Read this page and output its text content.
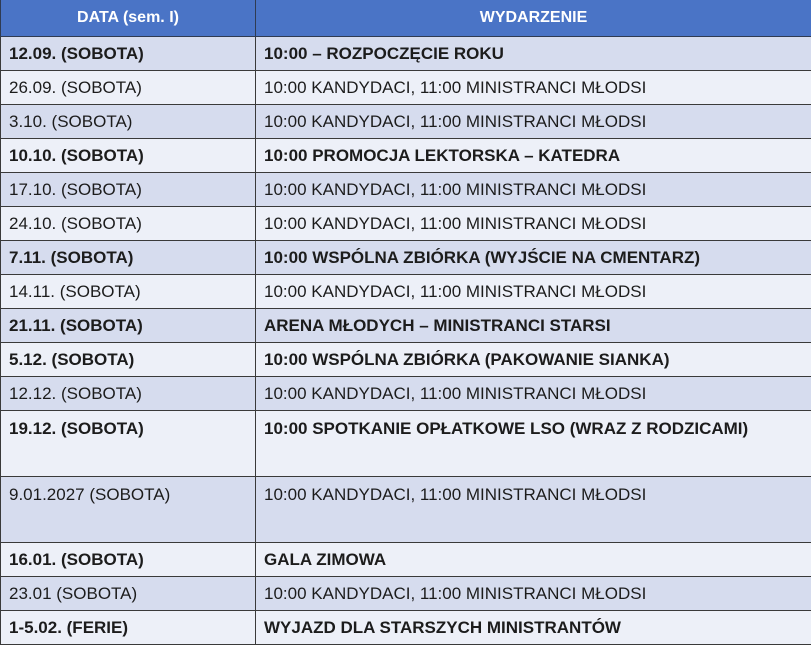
DATA (sem. I)	WYDARZENIE
12.09. (SOBOTA)	10:00 – ROZPOCZĘCIE ROKU
26.09. (SOBOTA)	10:00 KANDYDACI, 11:00 MINISTRANCI MŁODSI
3.10. (SOBOTA)	10:00 KANDYDACI, 11:00 MINISTRANCI MŁODSI
10.10. (SOBOTA)	10:00 PROMOCJA LEKTORSKA – KATEDRA
17.10. (SOBOTA)	10:00 KANDYDACI, 11:00 MINISTRANCI MŁODSI
24.10. (SOBOTA)	10:00 KANDYDACI, 11:00 MINISTRANCI MŁODSI
7.11. (SOBOTA)	10:00 WSPÓLNA ZBIÓRKA (WYJŚCIE NA CMENTARZ)
14.11. (SOBOTA)	10:00 KANDYDACI, 11:00 MINISTRANCI MŁODSI
21.11. (SOBOTA)	ARENA MŁODYCH – MINISTRANCI STARSI
5.12. (SOBOTA)	10:00 WSPÓLNA ZBIÓRKA (PAKOWANIE SIANKA)
12.12. (SOBOTA)	10:00 KANDYDACI, 11:00 MINISTRANCI MŁODSI
19.12. (SOBOTA)	10:00 SPOTKANIE OPŁATKOWE LSO (WRAZ Z RODZICAMI)
9.01.2027 (SOBOTA)	10:00 KANDYDACI, 11:00 MINISTRANCI MŁODSI
16.01. (SOBOTA)	GALA ZIMOWA
23.01 (SOBOTA)	10:00 KANDYDACI, 11:00 MINISTRANCI MŁODSI
1-5.02. (FERIE)	WYJAZD DLA STARSZYCH MINISTRANTÓW
